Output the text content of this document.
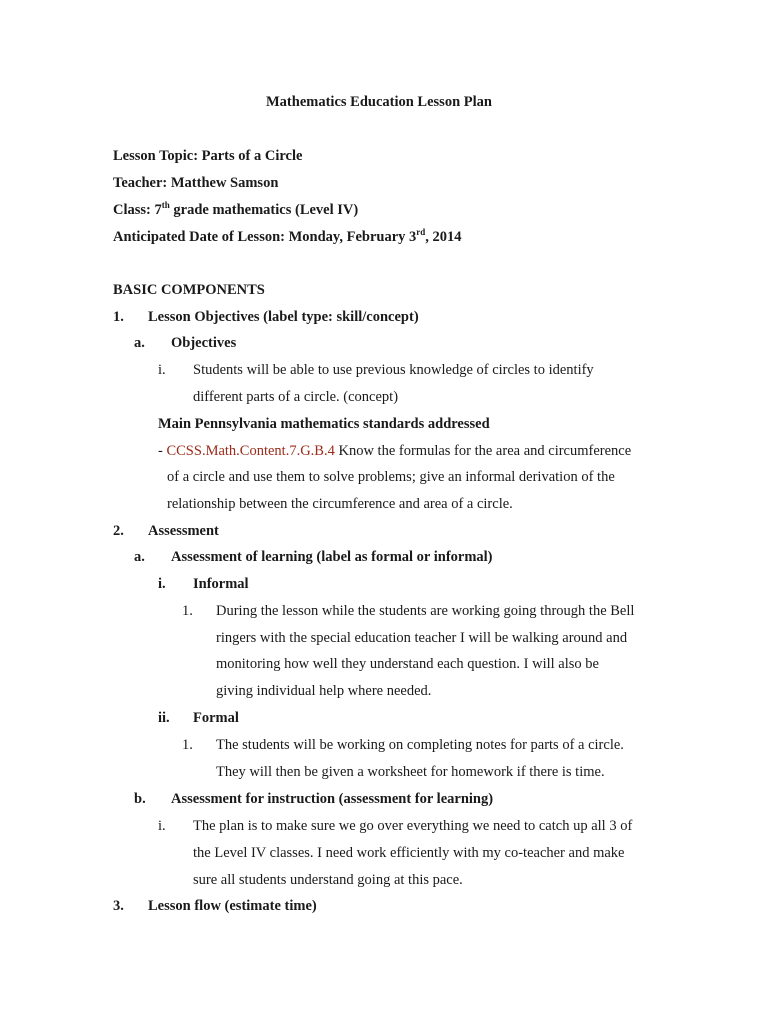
Mathematics Education Lesson Plan
Lesson Topic: Parts of a Circle
Teacher: Matthew Samson
Class: 7th grade mathematics (Level IV)
Anticipated Date of Lesson: Monday, February 3rd, 2014
BASIC COMPONENTS
1. Lesson Objectives (label type: skill/concept)
a. Objectives
i. Students will be able to use previous knowledge of circles to identify
different parts of a circle. (concept)
Main Pennsylvania mathematics standards addressed
- CCSS.Math.Content.7.G.B.4 Know the formulas for the area and circumference
of a circle and use them to solve problems; give an informal derivation of the
relationship between the circumference and area of a circle.
2. Assessment
a. Assessment of learning (label as formal or informal)
i. Informal
1. During the lesson while the students are working going through the Bell
ringers with the special education teacher I will be walking around and
monitoring how well they understand each question. I will also be
giving individual help where needed.
ii. Formal
1. The students will be working on completing notes for parts of a circle.
They will then be given a worksheet for homework if there is time.
b. Assessment for instruction (assessment for learning)
i. The plan is to make sure we go over everything we need to catch up all 3 of
the Level IV classes. I need work efficiently with my co-teacher and make
sure all students understand going at this pace.
3. Lesson flow (estimate time)
